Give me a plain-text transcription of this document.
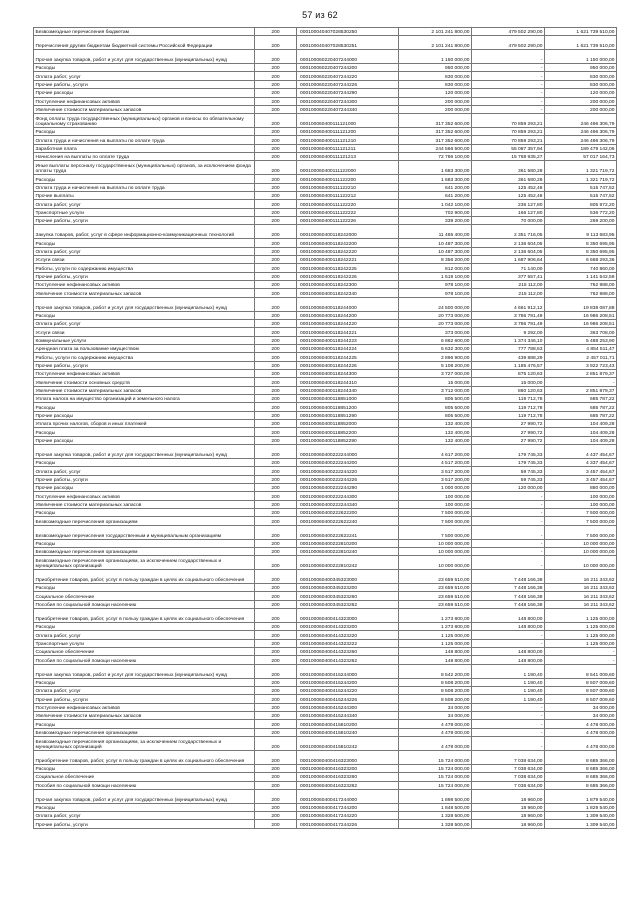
57 из 62
Безвозмездные перечисления бюджетам	200	000100040407028530250	2 101 241 800,00	479 502 290,00	1 621 739 510,00
Перечисления другим бюджетам бюджетной системы Российской Федерации	200	000100040407028530251	2 101 241 800,00	479 502 290,00	1 621 739 510,00
Прочая закупка товаров, работ и услуг для государственных (муниципальных) нужд	200	000100060220407244000	1 150 000,00	-	1 150 000,00
Расходы	200	000100060220407244200	950 000,00	-	950 000,00
Оплата работ, услуг	200	000100060220407244220	830 000,00	-	830 000,00
Прочие работы, услуги	200	000100060220407244226	830 000,00	-	830 000,00
Прочие расходы	200	000100060220407244290	120 000,00	-	120 000,00
Поступление нефинансовых активов	200	000100060220407244300	200 000,00	-	200 000,00
Увеличение стоимости материальных запасов	200	000100060220407244340	200 000,00	-	200 000,00
Фонд оплаты труда государственных (муниципальных) органов и взносы по обязательному социальному страхованию	200	000100060400111121000	317 352 600,00	70 859 293,21	246 496 306,79
Расходы	200	000100060400111121200	317 352 600,00	70 859 293,21	246 496 306,79
Оплата труда и начисления на выплаты по оплате труда	200	000100060400111121210	317 352 600,00	70 859 293,21	246 496 306,79
Заработная плата	200	000100060400111121211	244 566 500,00	55 087 357,94	189 479 142,06
Начисления на выплаты по оплате труда	200	000100060400111121213	72 786 100,00	15 768 935,27	57 017 164,73
Иные выплаты персоналу государственных (муниципальных) органов, за исключением фонда оплаты труда	200	000100060400111122000	1 683 300,00	361 580,28	1 321 719,72
Расходы	200	000100060400111122200	1 683 300,00	361 580,28	1 321 719,72
Оплата труда и начисления на выплаты по оплате труда	200	000100060400111122210	641 200,00	125 452,48	515 747,52
Прочие выплаты	200	000100060400111122212	641 200,00	125 452,48	515 747,52
Оплата работ, услуг	200	000100060400111122220	1 042 100,00	236 127,80	805 972,20
Транспортные услуги	200	000100060400111122222	702 900,00	166 127,80	536 772,20
Прочие работы, услуги	200	000100060400111122226	339 200,00	70 000,00	269 200,00
Закупка товаров, работ, услуг в сфере информационно-коммуникационных технологий	200	000100060400118242000	11 465 400,00	2 351 716,05	9 113 683,95
Расходы	200	000100060400118242200	10 487 300,00	2 136 604,05	8 350 695,95
Оплата работ, услуг	200	000100060400118242220	10 487 300,00	2 136 604,05	8 350 695,95
Услуги связи	200	000100060400118242221	8 356 200,00	1 687 906,64	6 668 293,36
Работы, услуги по содержанию имущества	200	000100060400118242225	812 000,00	71 140,00	740 860,00
Прочие работы, услуги	200	000100060400118242226	1 519 100,00	377 557,41	1 141 542,59
Поступление нефинансовых активов	200	000100060400118242300	978 100,00	215 112,00	762 988,00
Увеличение стоимости материальных запасов	200	000100060400118242340	978 100,00	215 112,00	762 988,00
Прочая закупка товаров, работ и услуг для государственных (муниципальных) нужд	200	000100060400118244000	24 500 000,00	4 661 912,12	19 838 087,88
Расходы	200	000100060400118244200	20 773 000,00	3 786 791,49	16 986 208,51
Оплата работ, услуг	200	000100060400118244220	20 773 000,00	3 786 791,49	16 986 208,51
Услуги связи	200	000100060400118244221	373 000,00	9 292,00	363 708,00
Коммунальные услуги	200	000100060400118244223	6 862 600,00	1 374 346,10	5 488 253,90
Арендная плата за пользование имуществом	200	000100060400118244224	5 632 300,00	777 788,53	4 854 511,47
Работы, услуги по содержанию имущества	200	000100060400118244225	2 896 900,00	439 888,29	2 457 011,71
Прочие работы, услуги	200	000100060400118244226	5 108 200,00	1 185 476,57	3 922 723,43
Поступление нефинансовых активов	200	000100060400118244300	3 727 000,00	875 120,63	2 851 879,37
Увеличение стоимости основных средств	200	000100060400118244310	15 000,00	15 000,00	-
Увеличение стоимости материальных запасов	200	000100060400118244340	3 712 000,00	860 120,63	2 851 879,37
Уплата налога на имущество организаций и земельного налога	200	000100060400118851000	805 500,00	119 712,78	685 787,22
Расходы	200	000100060400118851200	805 500,00	119 712,78	685 787,22
Прочие расходы	200	000100060400118851290	805 500,00	119 712,78	685 787,22
Уплата прочих налогов, сборов и иных платежей	200	000100060400118852000	132 400,00	27 990,72	104 409,28
Расходы	200	000100060400118852200	132 400,00	27 990,72	104 409,28
Прочие расходы	200	000100060400118852290	132 400,00	27 990,72	104 409,28
Прочая закупка товаров, работ и услуг для государственных (муниципальных) нужд	200	000100060400222244000	4 617 200,00	179 745,33	4 437 454,67
Расходы	200	000100060400222244200	4 517 200,00	179 745,33	4 337 454,67
Оплата работ, услуг	200	000100060400222244220	3 517 200,00	59 745,33	3 457 454,67
Прочие работы, услуги	200	000100060400222244226	3 517 200,00	59 745,33	3 457 454,67
Прочие расходы	200	000100060400222244290	1 000 000,00	120 000,00	880 000,00
Поступление нефинансовых активов	200	000100060400222244300	100 000,00	-	100 000,00
Увеличение стоимости материальных запасов	200	000100060400222244340	100 000,00	-	100 000,00
Расходы	200	000100060400222622200	7 500 000,00	-	7 500 000,00
Безвозмездные перечисления организациям	200	000100060400222622240	7 500 000,00	-	7 500 000,00
Безвозмездные перечисления государственным и муниципальным организациям	200	000100060400222622241	7 500 000,00	-	7 500 000,00
Расходы	200	000100060400222810200	10 000 000,00	-	10 000 000,00
Безвозмездные перечисления организациям	200	000100060400222810240	10 000 000,00	-	10 000 000,00
Безвозмездные перечисления организациям, за исключением государственных и муниципальных организаций	200	000100060400222810242	10 000 000,00	-	10 000 000,00
Приобретение товаров, работ, услуг в пользу граждан в целях их социального обеспечения	200	000100060400345323000	23 659 510,00	7 448 166,38	16 211 343,62
Расходы	200	000100060400345323200	23 659 510,00	7 448 166,38	16 211 343,62
Социальное обеспечение	200	000100060400345323260	23 659 510,00	7 448 166,38	16 211 343,62
Пособия по социальной помощи населению	200	000100060400345323262	23 659 510,00	7 448 166,38	16 211 343,62
Приобретение товаров, работ, услуг в пользу граждан в целях их социального обеспечения	200	000100060400414323000	1 273 800,00	148 800,00	1 125 000,00
Расходы	200	000100060400414323200	1 273 800,00	148 800,00	1 125 000,00
Оплата работ, услуг	200	000100060400414323220	1 125 000,00	-	1 125 000,00
Транспортные услуги	200	000100060400414323222	1 125 000,00	-	1 125 000,00
Социальное обеспечение	200	000100060400414323260	148 800,00	148 800,00	-
Пособия по социальной помощи населению	200	000100060400414323262	148 800,00	148 800,00	-
Прочая закупка товаров, работ и услуг для государственных (муниципальных) нужд	200	000100060400415244000	8 542 200,00	1 190,40	8 541 009,60
Расходы	200	000100060400415244200	8 508 200,00	1 190,40	8 507 009,60
Оплата работ, услуг	200	000100060400415244220	8 508 200,00	1 190,40	8 507 009,60
Прочие работы, услуги	200	000100060400415244226	8 508 200,00	1 190,40	8 507 009,60
Поступление нефинансовых активов	200	000100060400415244300	34 000,00	-	34 000,00
Увеличение стоимости материальных запасов	200	000100060400415244340	34 000,00	-	34 000,00
Расходы	200	000100060400415810200	4 478 000,00	-	4 478 000,00
Безвозмездные перечисления организациям	200	000100060400415810240	4 478 000,00	-	4 478 000,00
Безвозмездные перечисления организациям, за исключением государственных и муниципальных организаций	200	000100060400415810242	4 478 000,00	-	4 478 000,00
Приобретение товаров, работ, услуг в пользу граждан в целях их социального обеспечения	200	000100060400416323000	15 724 000,00	7 038 634,00	8 685 366,00
Расходы	200	000100060400416323200	15 724 000,00	7 038 634,00	8 685 366,00
Социальное обеспечение	200	000100060400416323260	15 724 000,00	7 038 634,00	8 685 366,00
Пособия по социальной помощи населению	200	000100060400416323262	15 724 000,00	7 038 634,00	8 685 366,00
Прочая закупка товаров, работ и услуг для государственных (муниципальных) нужд	200	000100060400417244000	1 898 500,00	18 960,00	1 879 540,00
Расходы	200	000100060400417244200	1 848 500,00	18 960,00	1 829 540,00
Оплата работ, услуг	200	000100060400417244220	1 328 500,00	18 960,00	1 309 540,00
Прочие работы, услуги	200	000100060400417244226	1 328 500,00	18 960,00	1 309 540,00
